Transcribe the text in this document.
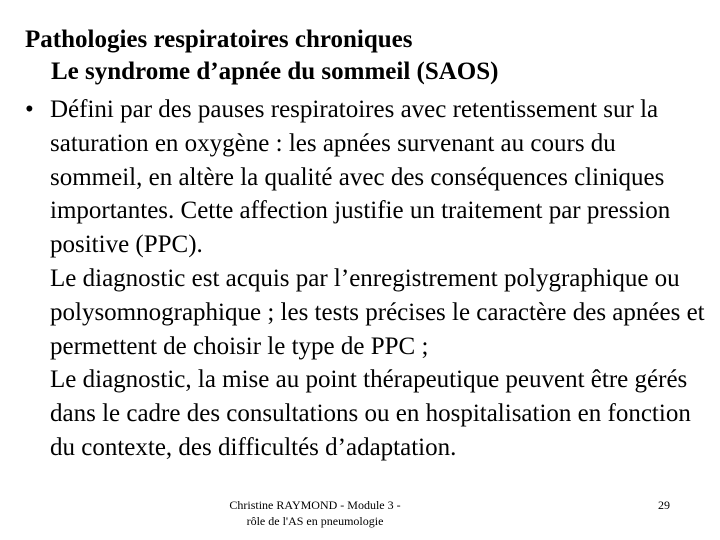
Pathologies respiratoires chroniques
Le syndrome d’apnée du sommeil (SAOS)
• Défini par des pauses respiratoires avec retentissement sur la saturation en oxygène : les apnées survenant au cours du sommeil, en altère la qualité avec des conséquences cliniques importantes. Cette affection justifie un traitement par pression positive (PPC).
Le diagnostic est acquis par l’enregistrement polygraphique ou polysomnographique ; les tests précises le caractère des apnées et permettent de choisir le type de PPC ;
Le diagnostic, la mise au point thérapeutique peuvent être gérés dans le cadre des consultations ou en hospitalisation en fonction du contexte, des difficultés d’adaptation.
Christine RAYMOND - Module 3 -
rôle de l'AS en pneumologie
29
